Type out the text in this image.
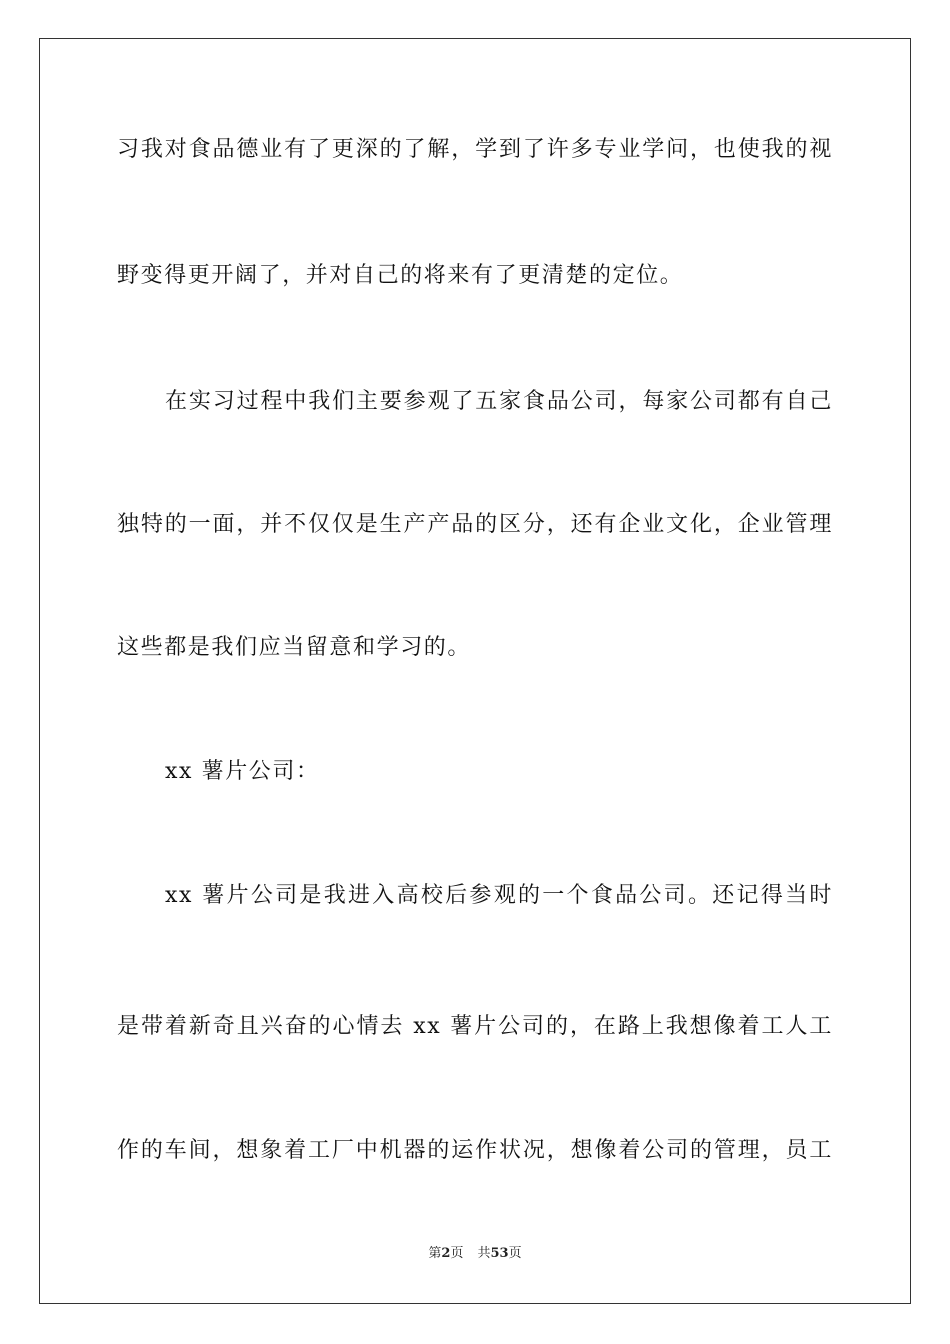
习我对食品德业有了更深的了解，学到了许多专业学问，也使我的视
野变得更开阔了，并对自己的将来有了更清楚的定位。
在实习过程中我们主要参观了五家食品公司，每家公司都有自己
独特的一面，并不仅仅是生产产品的区分，还有企业文化，企业管理
这些都是我们应当留意和学习的。
xx 薯片公司：
xx 薯片公司是我进入高校后参观的一个食品公司。还记得当时
是带着新奇且兴奋的心情去 xx 薯片公司的，在路上我想像着工人工
作的车间，想象着工厂中机器的运作状况，想像着公司的管理，员工
第2页 共53页
